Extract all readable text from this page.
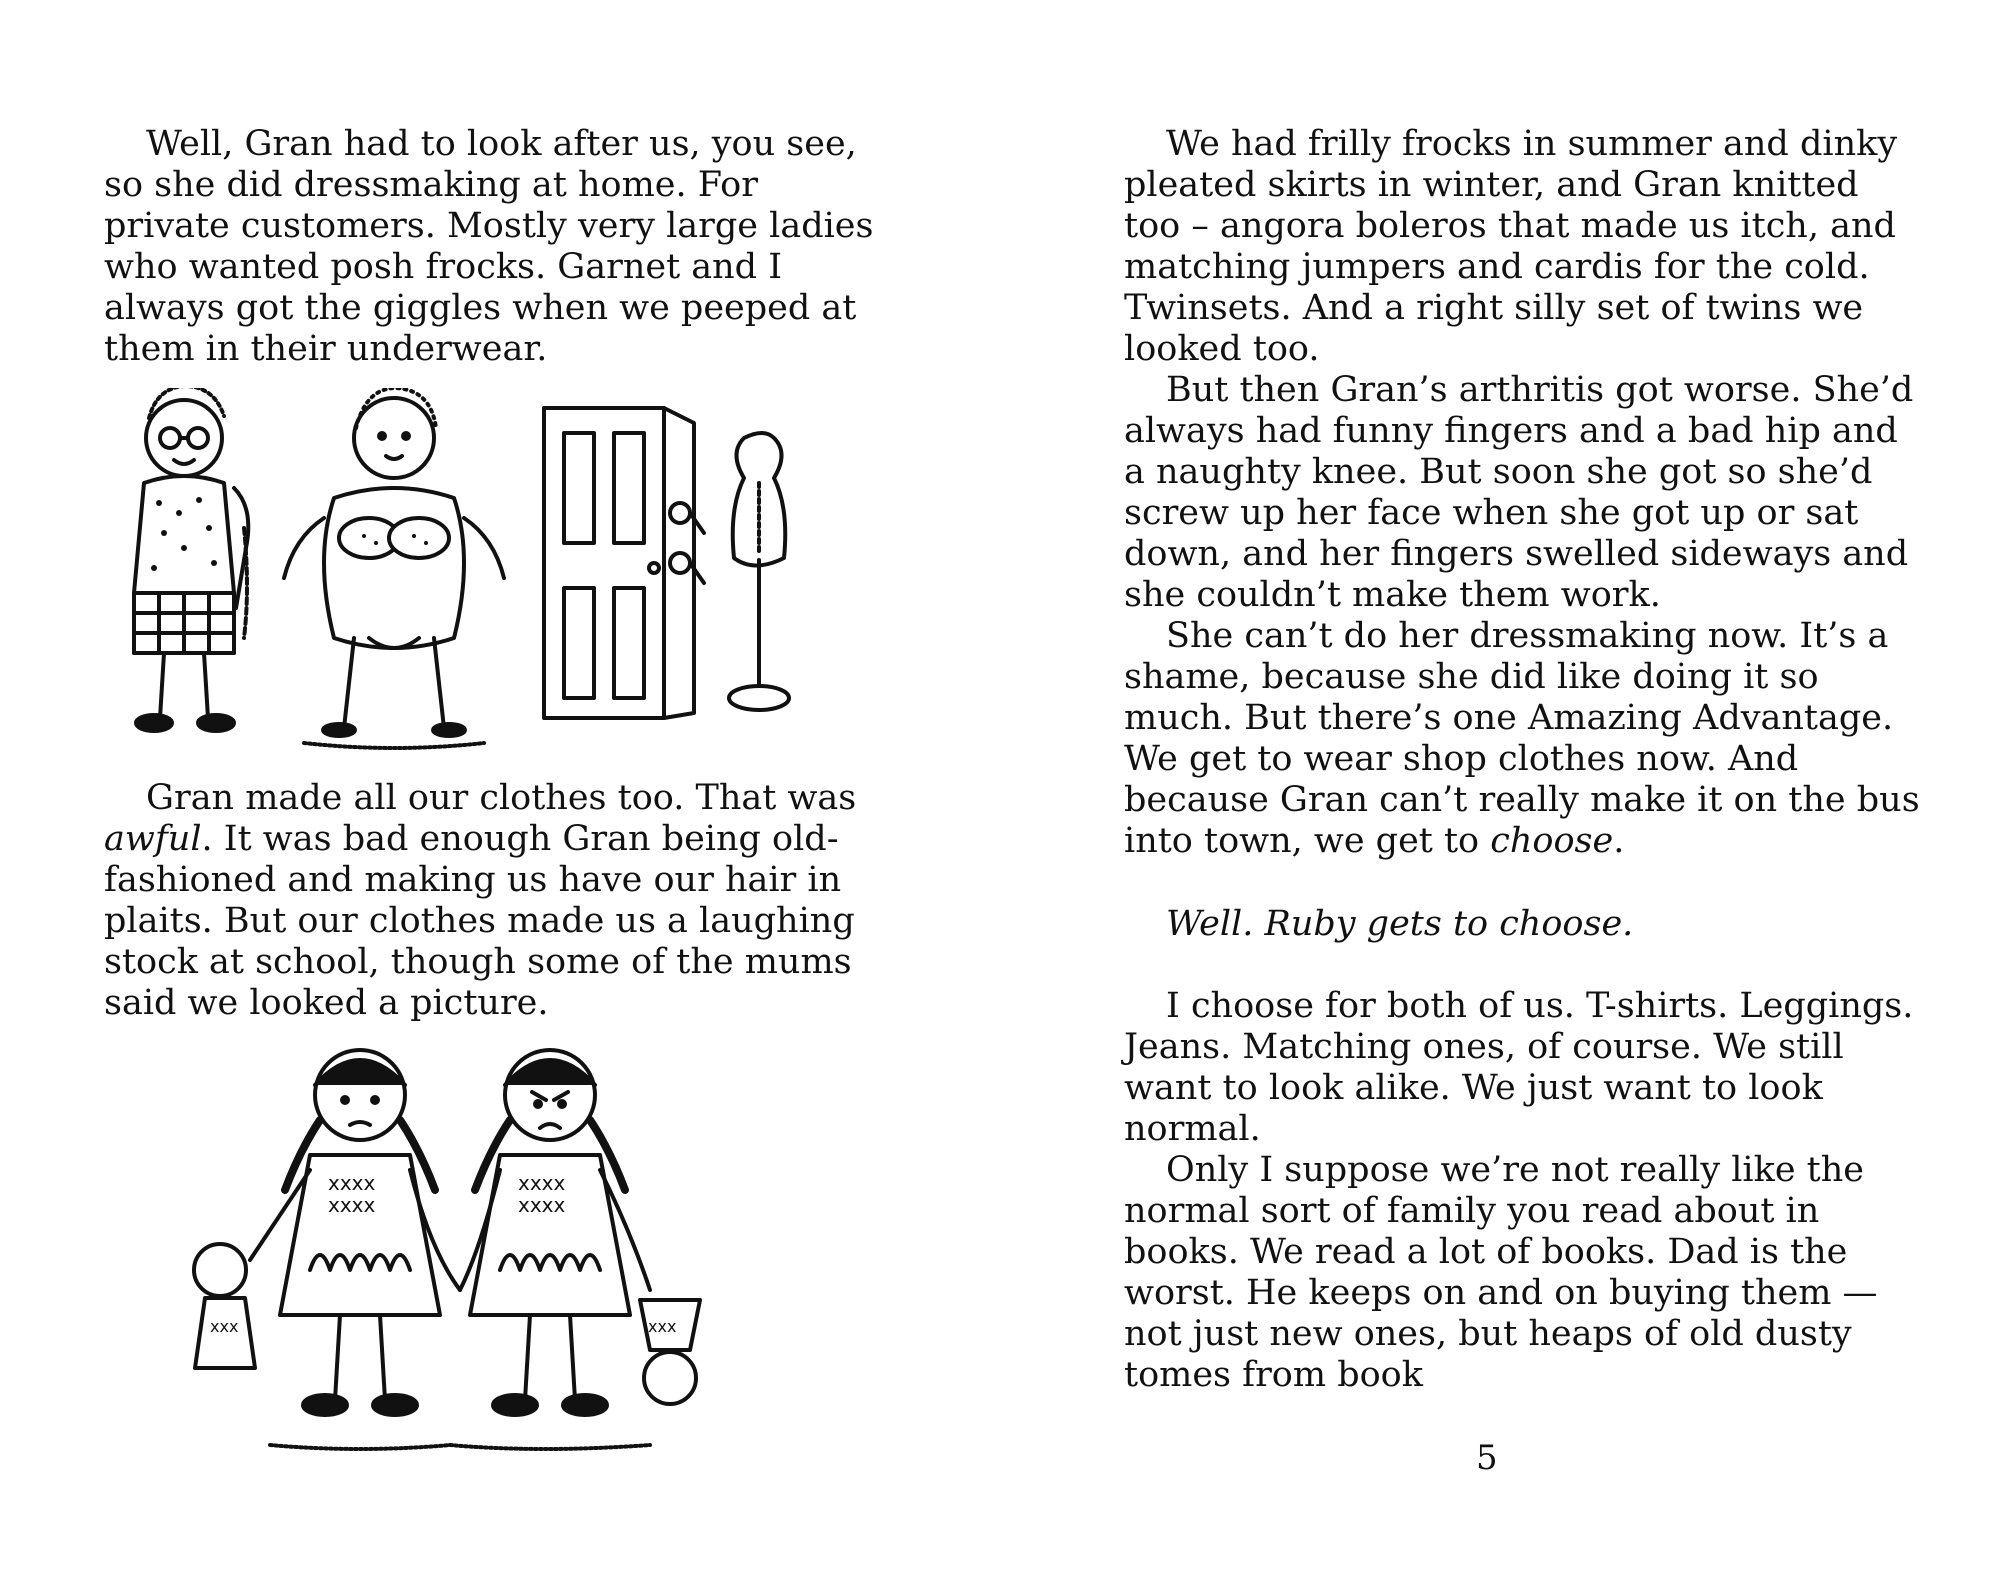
Well, Gran had to look after us, you see, so she did dressmaking at home. For private customers. Mostly very large ladies who wanted posh frocks. Garnet and I always got the giggles when we peeped at them in their underwear.

Gran made all our clothes too. That was awful. It was bad enough Gran being old-fashioned and making us have our hair in plaits. But our clothes made us a laughing stock at school, though some of the mums said we looked a picture.

xxxx
xxxx
xxx
xxxx
xxxx
xxx

We had frilly frocks in summer and dinky pleated skirts in winter, and Gran knitted too – angora boleros that made us itch, and matching jumpers and cardis for the cold. Twinsets. And a right silly set of twins we looked too.

But then Gran’s arthritis got worse. She’d always had funny fingers and a bad hip and a naughty knee. But soon she got so she’d screw up her face when she got up or sat down, and her fingers swelled sideways and she couldn’t make them work.

She can’t do her dressmaking now. It’s a shame, because she did like doing it so much. But there’s one Amazing Advantage. We get to wear shop clothes now. And because Gran can’t really make it on the bus into town, we get to choose.

Well. Ruby gets to choose.

I choose for both of us. T-shirts. Leggings. Jeans. Matching ones, of course. We still want to look alike. We just want to look normal.

Only I suppose we’re not really like the normal sort of family you read about in books. We read a lot of books. Dad is the worst. He keeps on and on buying them — not just new ones, but heaps of old dusty tomes from book

5
